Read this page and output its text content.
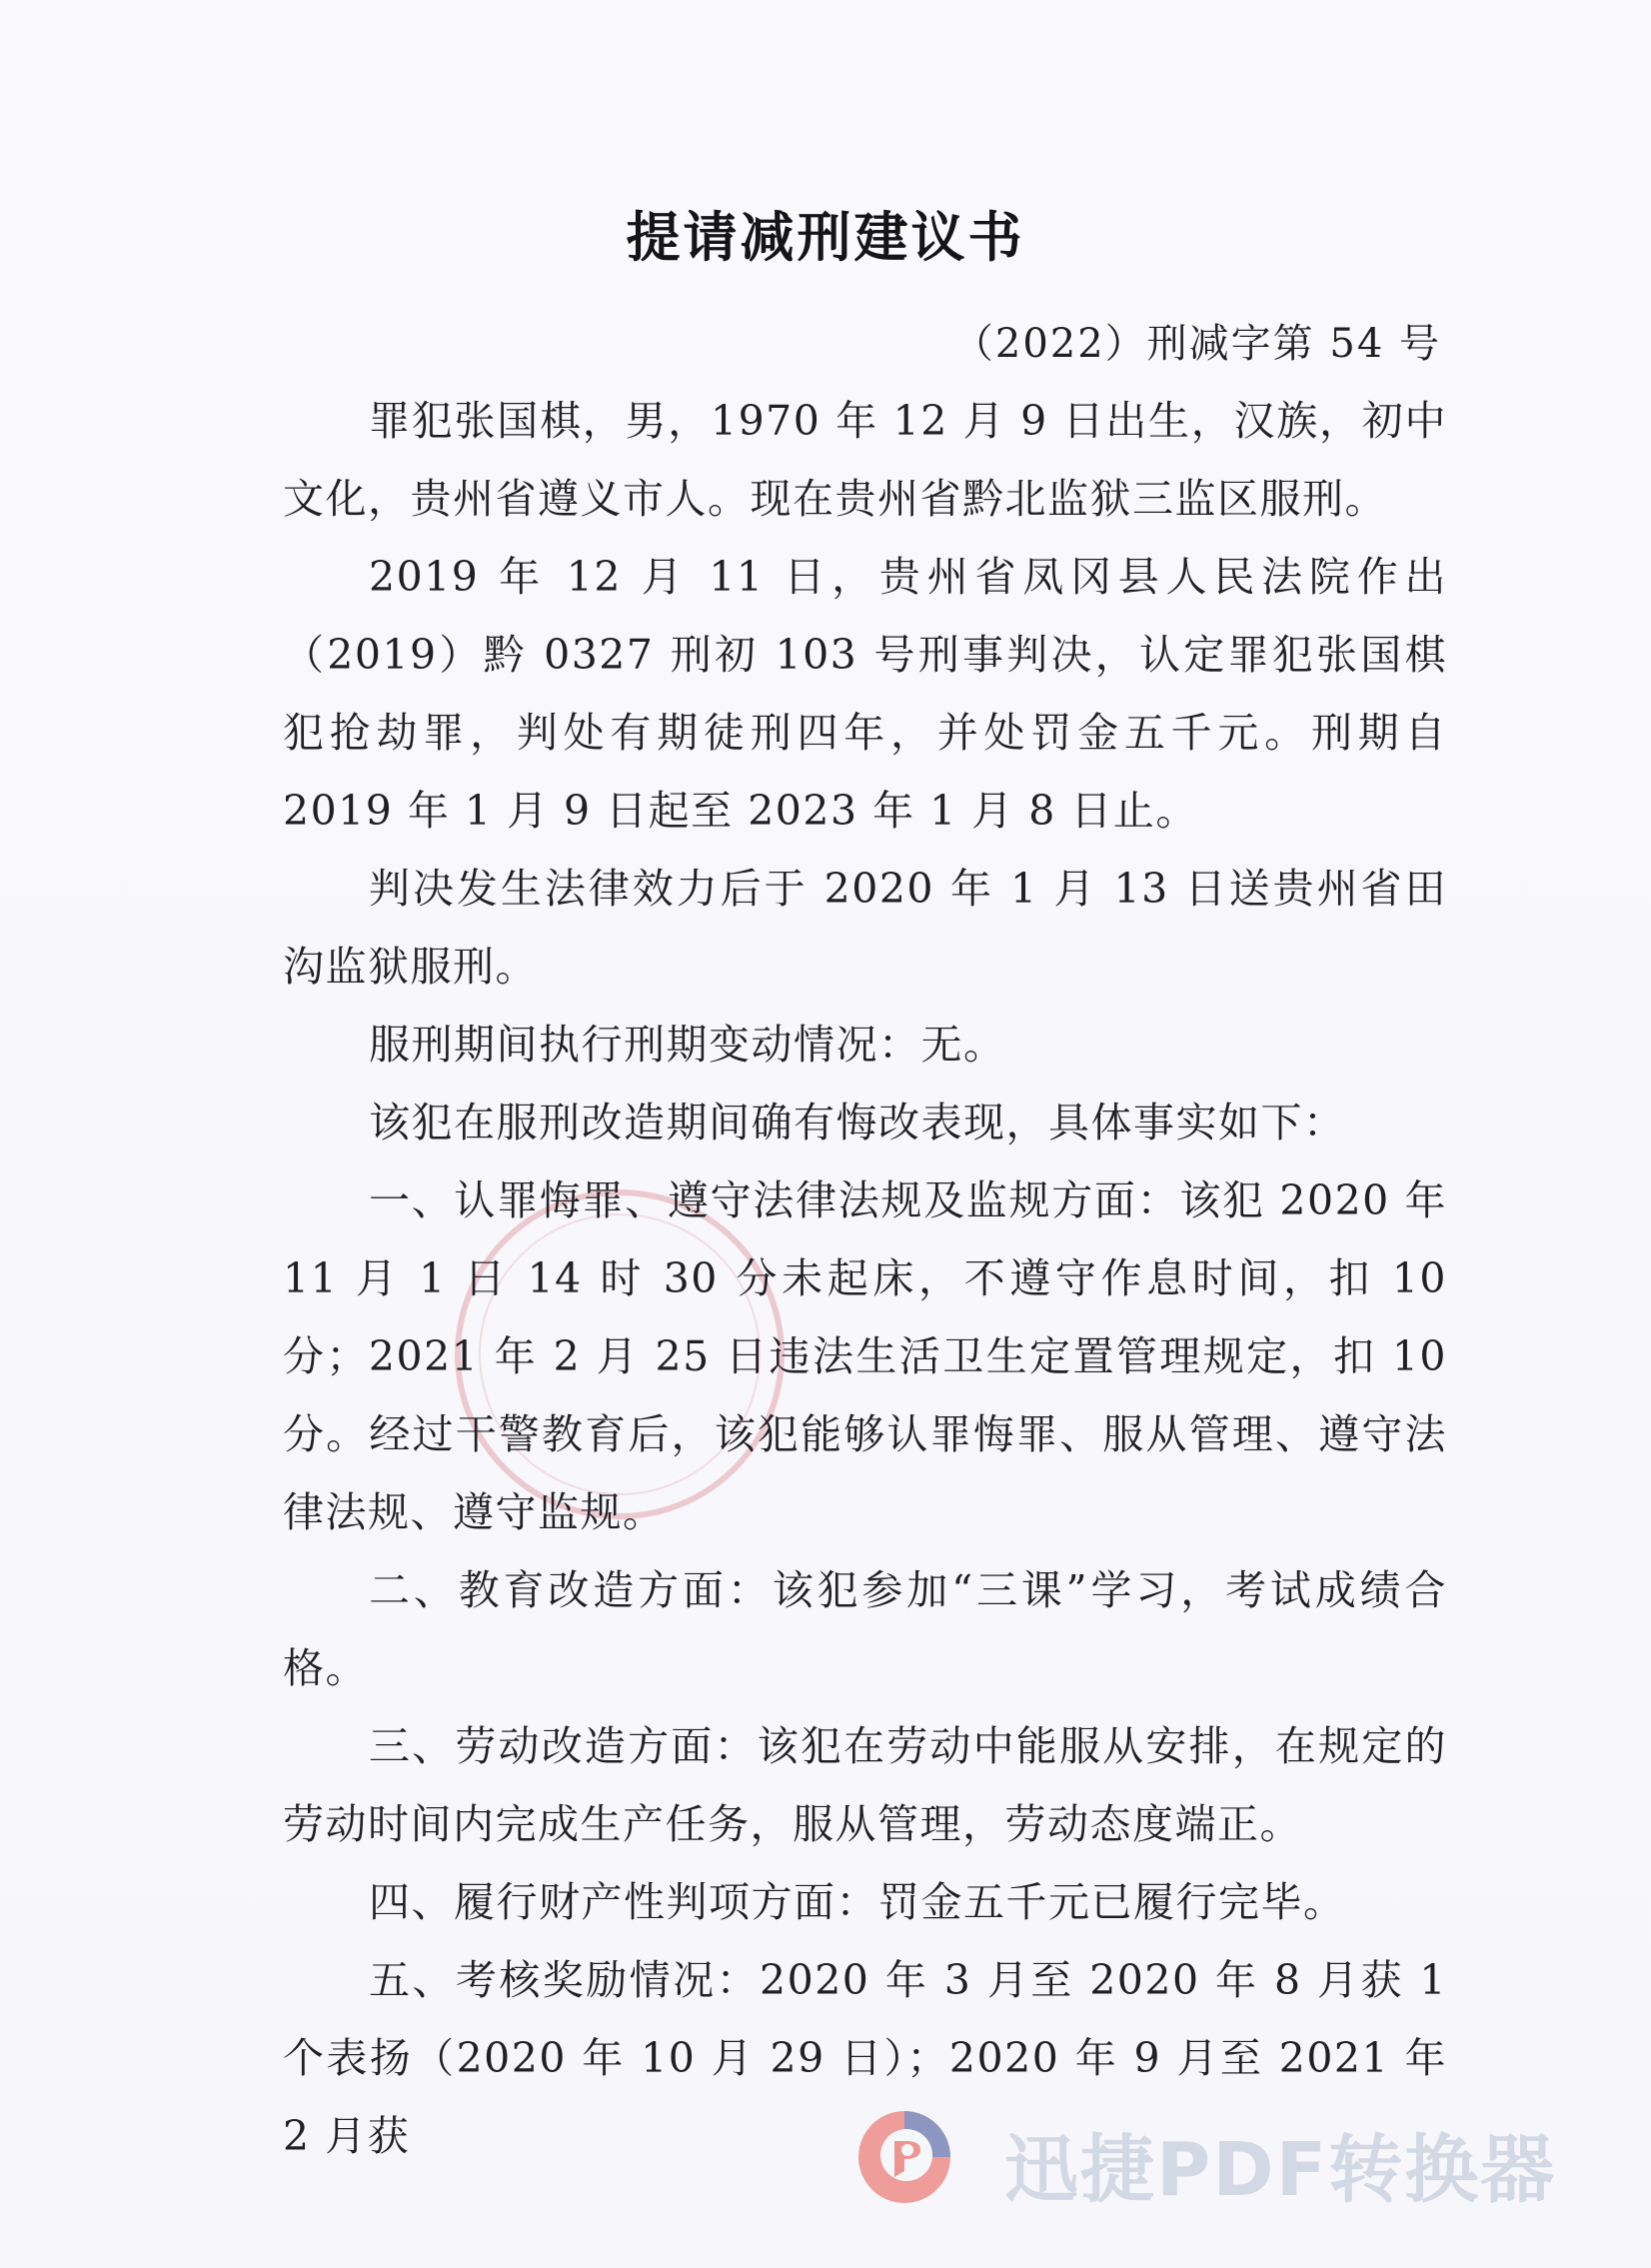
提请减刑建议书
（2022）刑减字第 54 号

罪犯张国棋，男，1970 年 12 月 9 日出生，汉族，初中文化，贵州省遵义市人。现在贵州省黔北监狱三监区服刑。

2019 年 12 月 11 日，贵州省凤冈县人民法院作出（2019）黔 0327 刑初 103 号刑事判决，认定罪犯张国棋犯抢劫罪，判处有期徒刑四年，并处罚金五千元。刑期自 2019 年 1 月 9 日起至 2023 年 1 月 8 日止。

判决发生法律效力后于 2020 年 1 月 13 日送贵州省田沟监狱服刑。

服刑期间执行刑期变动情况：无。

该犯在服刑改造期间确有悔改表现，具体事实如下：

一、认罪悔罪、遵守法律法规及监规方面：该犯 2020 年 11 月 1 日 14 时 30 分未起床，不遵守作息时间，扣 10 分；2021 年 2 月 25 日违法生活卫生定置管理规定，扣 10 分。经过干警教育后，该犯能够认罪悔罪、服从管理、遵守法律法规、遵守监规。

二、教育改造方面：该犯参加“三课”学习，考试成绩合格。

三、劳动改造方面：该犯在劳动中能服从安排，在规定的劳动时间内完成生产任务，服从管理，劳动态度端正。

四、履行财产性判项方面：罚金五千元已履行完毕。

五、考核奖励情况：2020 年 3 月至 2020 年 8 月获 1 个表扬（2020 年 10 月 29 日）；2020 年 9 月至 2021 年 2 月获	迅捷PDF转换器
